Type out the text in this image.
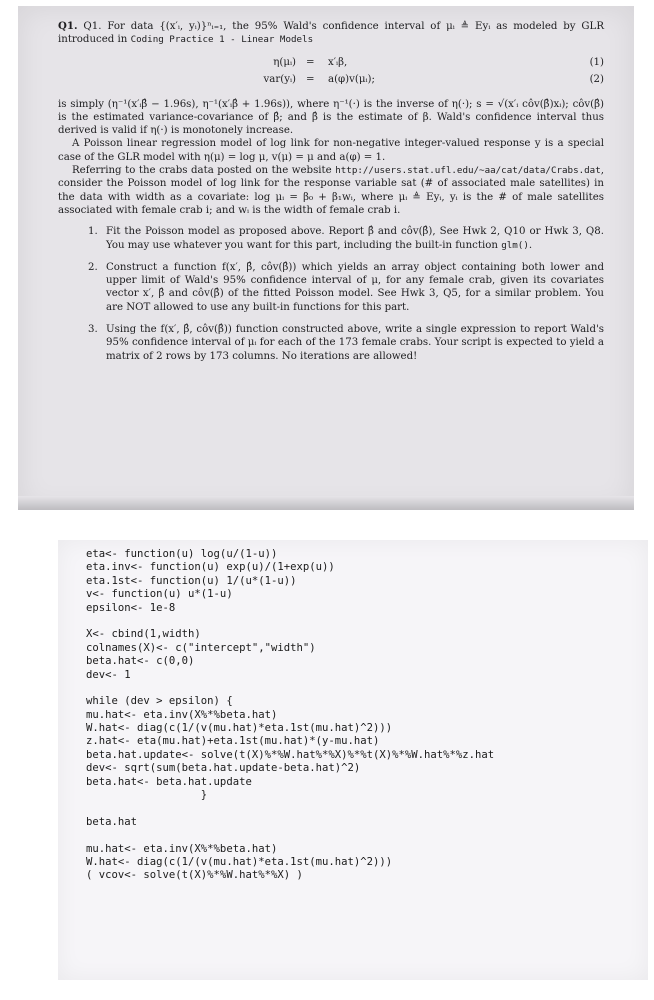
Q1. Q1. For data {(x′ᵢ, yᵢ)}ⁿᵢ₌₁, the 95% Wald's confidence interval of μᵢ ≜ Eyᵢ as modeled by GLR introduced in Coding Practice 1 - Linear Models

η(μᵢ) = x′ᵢβ,	(1)
var(yᵢ) = a(φ)v(μᵢ);	(2)

is simply (η⁻¹(x′ᵢβ̂ − 1.96s), η⁻¹(x′ᵢβ̂ + 1.96s)), where η⁻¹(·) is the inverse of η(·); s = √(x′ᵢ côv(β̂)xᵢ); côv(β̂) is the estimated variance-covariance of β̂; and β̂ is the estimate of β. Wald's confidence interval thus derived is valid if η(·) is monotonely increase.

A Poisson linear regression model of log link for non-negative integer-valued response y is a special case of the GLR model with η(μ) = log μ, v(μ) = μ and a(φ) = 1.

Referring to the crabs data posted on the website http://users.stat.ufl.edu/~aa/cat/data/Crabs.dat, consider the Poisson model of log link for the response variable sat (# of associated male satellites) in the data with width as a covariate: log μᵢ = β₀ + β₁wᵢ, where μᵢ ≜ Eyᵢ, yᵢ is the # of male satellites associated with female crab i; and wᵢ is the width of female crab i.

1. Fit the Poisson model as proposed above. Report β̂ and côv(β̂), See Hwk 2, Q10 or Hwk 3, Q8. You may use whatever you want for this part, including the built-in function glm().
2. Construct a function f(x′, β̂, côv(β̂)) which yields an array object containing both lower and upper limit of Wald's 95% confidence interval of μ, for any female crab, given its covariates vector x′, β̂ and côv(β̂) of the fitted Poisson model. See Hwk 3, Q5, for a similar problem. You are NOT allowed to use any built-in functions for this part.
3. Using the f(x′, β̂, côv(β̂)) function constructed above, write a single expression to report Wald's 95% confidence interval of μᵢ for each of the 173 female crabs. Your script is expected to yield a matrix of 2 rows by 173 columns. No iterations are allowed!
eta<- function(u) log(u/(1-u))
eta.inv<- function(u) exp(u)/(1+exp(u))
eta.1st<- function(u) 1/(u*(1-u))
v<- function(u) u*(1-u)
epsilon<- 1e-8
X<- cbind(1,width)
colnames(X)<- c("intercept","width")
beta.hat<- c(0,0)
dev<- 1
while (dev > epsilon) {
mu.hat<- eta.inv(X%*%beta.hat)
W.hat<- diag(c(1/(v(mu.hat)*eta.1st(mu.hat)^2)))
z.hat<- eta(mu.hat)+eta.1st(mu.hat)*(y-mu.hat)
beta.hat.update<- solve(t(X)%*%W.hat%*%X)%*%t(X)%*%W.hat%*%z.hat
dev<- sqrt(sum(beta.hat.update-beta.hat)^2)
beta.hat<- beta.hat.update
}
beta.hat
mu.hat<- eta.inv(X%*%beta.hat)
W.hat<- diag(c(1/(v(mu.hat)*eta.1st(mu.hat)^2)))
( vcov<- solve(t(X)%*%W.hat%*%X) )
